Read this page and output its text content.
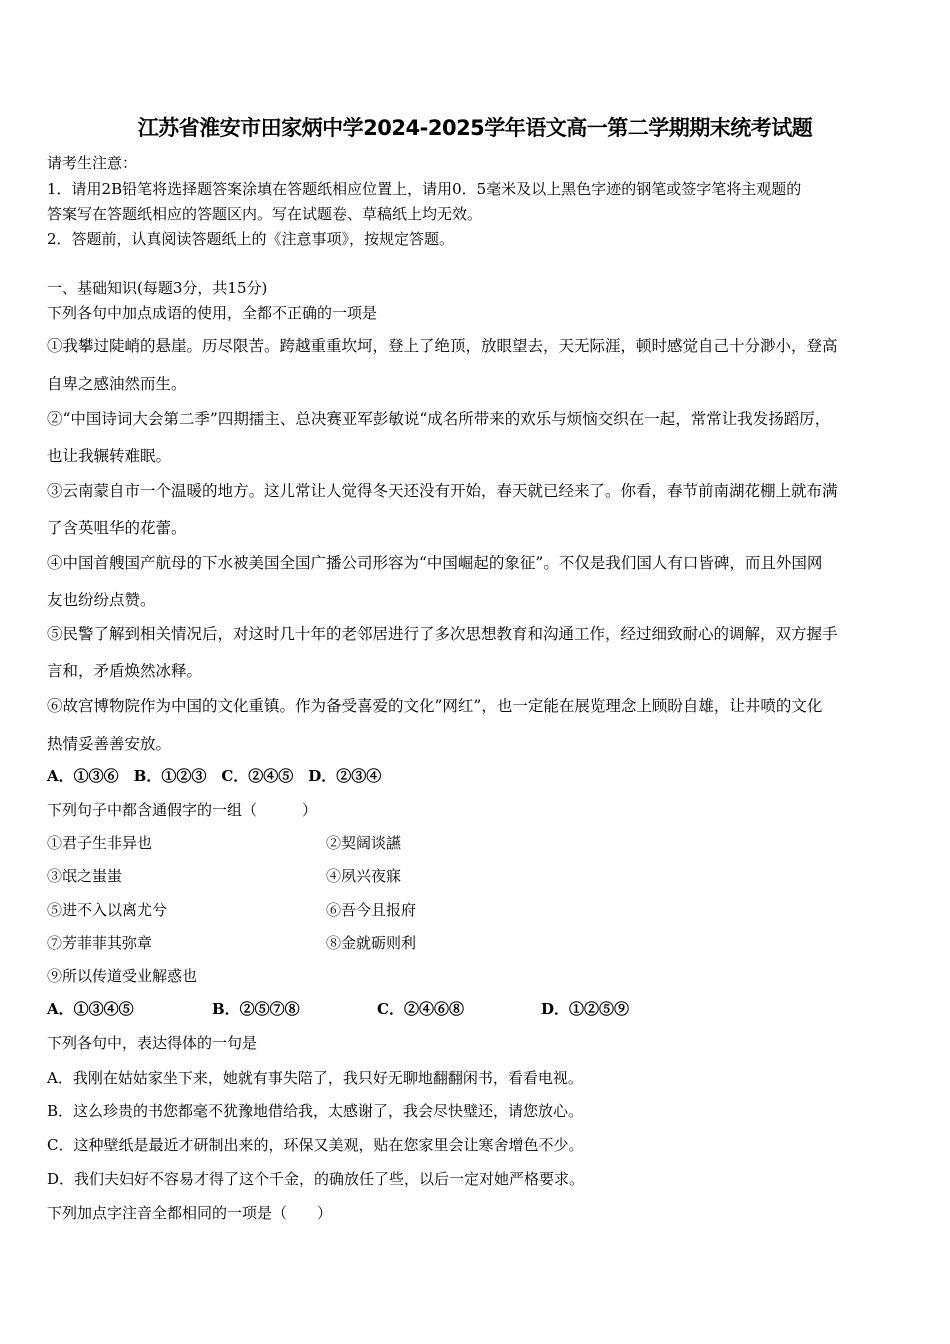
江苏省淮安市田家炳中学2024-2025学年语文高一第二学期期末统考试题
请考生注意：
1．请用2B铅笔将选择题答案涂填在答题纸相应位置上，请用0．5毫米及以上黑色字迹的钢笔或签字笔将主观题的
答案写在答题纸相应的答题区内。写在试题卷、草稿纸上均无效。
2．答题前，认真阅读答题纸上的《注意事项》，按规定答题。
一、基础知识(每题3分，共15分)
下列各句中加点成语的使用，全都不正确的一项是
①我攀过陡峭的悬崖。历尽限苦。跨越重重坎坷，登上了绝顶，放眼望去，天无际涯，顿时感觉自己十分渺小，登高
自卑之感油然而生。
②“中国诗词大会第二季”四期擂主、总决赛亚军彭敏说“成名所带来的欢乐与烦恼交织在一起，常常让我发扬蹈厉，
也让我辗转难眠。
③云南蒙自市一个温暖的地方。这儿常让人觉得冬天还没有开始，春天就已经来了。你看，春节前南湖花棚上就布满
了含英咀华的花蕾。
④中国首艘国产航母的下水被美国全国广播公司形容为“中国崛起的象征”。不仅是我们国人有口皆碑，而且外国网
友也纷纷点赞。
⑤民警了解到相关情况后，对这时几十年的老邻居进行了多次思想教育和沟通工作，经过细致耐心的调解，双方握手
言和，矛盾焕然冰释。
⑥故宫博物院作为中国的文化重镇。作为备受喜爱的文化”网红”，也一定能在展览理念上顾盼自雄，让井喷的文化
热情妥善善安放。
A．①③⑥　B．①②③　C．②④⑤　D．②③④
下列句子中都含通假字的一组（　　　）
①君子生非异也	②契阔谈讌
③氓之蚩蚩	④夙兴夜寐
⑤进不入以离尤兮	⑥吾今且报府
⑦芳菲菲其弥章	⑧金就砺则利
⑨所以传道受业解惑也
A．①③④⑤	B．②⑤⑦⑧	C．②④⑥⑧	D．①②⑤⑨
下列各句中，表达得体的一句是
A．我刚在姑姑家坐下来，她就有事失陪了，我只好无聊地翻翻闲书，看看电视。
B．这么珍贵的书您都毫不犹豫地借给我，太感谢了，我会尽快璧还，请您放心。
C．这种壁纸是最近才研制出来的，环保又美观，贴在您家里会让寒舍增色不少。
D．我们夫妇好不容易才得了这个千金，的确放任了些，以后一定对她严格要求。
下列加点字注音全都相同的一项是（　　）
